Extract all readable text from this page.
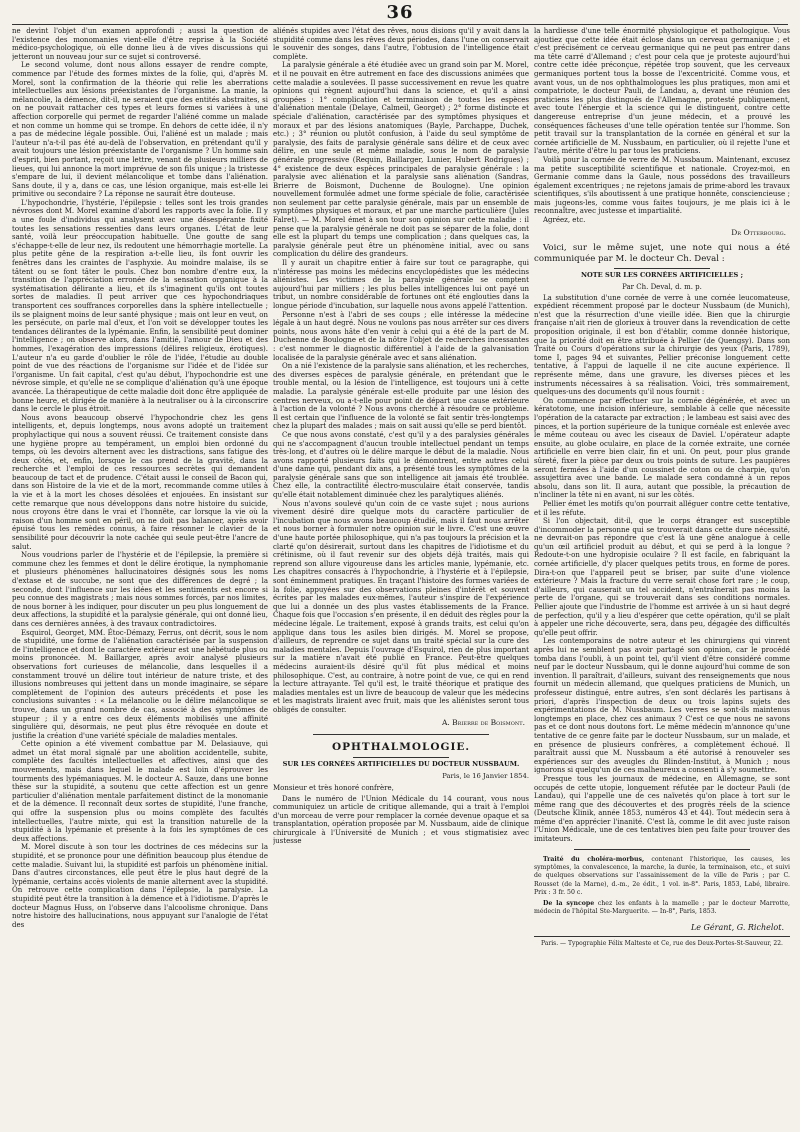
36

ne devint l'objet d'un examen approfondi ; aussi la question de l'existence des monomanies vient-elle d'être reprise à la Société médico-psychologique, où elle donne lieu à de vives discussions qui jetteront un nouveau jour sur ce sujet si controversé.

Le second volume, dont nous allons essayer de rendre compte, commence par l'étude des formes mixtes de la folie, qui, d'après M. Morel, sont la confirmation de la théorie qui relie les aberrations intellectuelles aux lésions préexistantes de l'organisme. La manie, la mélancolie, la démence, dit-il, ne seraient que des entités abstraites, si on ne pouvait rattacher ces types et leurs formes si variées à une affection corporelle qui permet de regarder l'aliéné comme un malade et non comme un homme qui se trompe. En dehors de cette idée, il n'y a pas de médecine légale possible. Oui, l'aliéné est un malade ; mais l'auteur n'a-t-il pas été au-delà de l'observation, en prétendant qu'il y avait toujours une lésion préexistante de l'organisme ? Un homme sain d'esprit, bien portant, reçoit une lettre, venant de plusieurs milliers de lieues, qui lui annonce la mort imprévue de son fils unique ; la tristesse s'empare de lui, il devient mélancolique et tombe dans l'aliénation. Sans doute, il y a, dans ce cas, une lésion organique, mais est-elle lei primitive ou secondaire ? La réponse ne saurait être douteuse.

L'hypochondrie, l'hystérie, l'épilepsie : telles sont les trois grandes névroses dont M. Morel examine d'abord les rapports avec la folie. Il y a une foule d'individus qui analysent avec une désespérante fixité toutes les sensations ressenties dans leurs organes. L'état de leur santé, voilà leur préoccupation habituelle. Une goutte de sang s'échappe-t-elle de leur nez, ils redoutent une hémorrhagie mortelle. La plus petite gêne de la respiration a-t-elle lieu, ils font ouvrir les fenêtres dans les craintes de l'asphyxie. Au moindre malaise, ils se tâtent ou se font tâter le pouls. Chez bon nombre d'entre eux, la transition de l'appréciation erronée de la sensation organique à la systématisation délirante a lieu, et ils s'imaginent qu'ils ont toutes sortes de maladies. Il peut arriver que ces hypochondriaques transportent ces souffrances corporelles dans la sphère intellectuelle ; ils se plaignent moins de leur santé physique ; mais ont leur en veut, on les persécute, on parle mal d'eux, et l'on voit se développer toutes les tendances délirantes de la lypémanie. Enfin, la sensibilité peut dominer l'intelligence ; on observe alors, dans l'amitié, l'amour de Dieu et des hommes, l'exagération des impressions (délires religieux, érotiques). L'auteur n'a eu garde d'oublier le rôle de l'idée, l'étudie au double point de vue des réactions de l'organisme sur l'idée et de l'idée sur l'organisme. Un fait capital, c'est qu'au début, l'hypochondrie est une névrose simple, et qu'elle ne se complique d'aliénation qu'à une époque avancée. La thérapeutique de cette maladie doit donc être appliquée de bonne heure, et dirigée de manière à la neutraliser ou à la circonscrire dans le cercle le plus étroit.

Nous avons beaucoup observé l'hypochondrie chez les gens intelligents, et, depuis longtemps, nous avons adopté un traitement prophylactique qui nous a souvent réussi. Ce traitement consiste dans une hygiène propre au tempérament, un emploi bien ordonné du temps, où les devoirs alternent avec les distractions, sans fatigue des deux côtés, et, enfin, lorsque le cas prend de la gravité, dans la recherche et l'emploi de ces ressources secrètes qui demandent beaucoup de tact et de prudence. C'était aussi le conseil de Bacon qui, dans son Histoire de la vie et de la mort, recommande comme utiles à la vie et à la mort les choses désolées et enjouées. En insistant sur cette remarque que nous développons dans notre histoire du suicide, nous croyons être dans le vrai et l'honnête, car lorsque la vie où la raison d'un homme sont en péril, on ne doit pas balancer, après avoir épuisé tous les remèdes connus, à faire résonner le clavier de la sensibilité pour découvrir la note cachée qui seule peut-être l'ancre de salut.

Nous voudrions parler de l'hystérie et de l'épilepsie, la première si commune chez les femmes et dont le délire érotique, la nymphomanie et plusieurs phénomènes hallucinatoires désignés sous les noms d'extase et de succube, ne sont que des différences de degré ; la seconde, dont l'influence sur les idées et les sentiments est encore si peu connue des magistrats ; mais nous sommes forcés, par nos limites, de nous borner à les indiquer, pour discuter un peu plus longuement de deux affections, la stupidité et la paralysie générale, qui ont donné lieu, dans ces dernières années, à des travaux contradictoires.

Esquirol, Georget, MM. Étoc-Démazy, Ferrus, ont décrit, sous le nom de stupidité, une forme de l'aliénation caractérisée par la suspension de l'intelligence et dont le caractère extérieur est une hébétude plus ou moins prononcée. M. Baillarger, après avoir analysé plusieurs observations fort curieuses de mélancolie, dans lesquelles il a constamment trouvé un délire tout intérieur de nature triste, et des illusions nombreuses qui jettent dans un monde imaginaire, se sépare complètement de l'opinion des auteurs précédents et pose les conclusions suivantes : « La mélancolie ou le délire mélancolique se trouve, dans un grand nombre de cas, associé à des symptômes de stupeur ; il y a entre ces deux éléments mobilisés une affinité singulière qui, désormais, ne peut plus être révoquée en doute et justifie la création d'une variété spéciale de maladies mentales.

Cette opinion a été vivement combattue par M. Delasiauve, qui admet un état moral signalé par une abolition accidentelle, subite, complète des facultés intellectuelles et affectives, ainsi que des mouvements, mais dans lequel le malade est loin d'éprouver les tourments des lypémaniaques. M. le docteur A. Sauze, dans une bonne thèse sur la stupidité, a soutenu que cette affection est un genre particulier d'aliénation mentale parfaitement distinct de la monomanie et de la démence. Il reconnaît deux sortes de stupidité, l'une franche, qui offre la suspension plus ou moins complète des facultés intellectuelles, l'autre mixte, qui est la transition naturelle de la stupidité à la lypémanie et présente à la fois les symptômes de ces deux affections.

M. Morel discute à son tour les doctrines de ces médecins sur la stupidité, et se prononce pour une définition beaucoup plus étendue de cette maladie. Suivant lui, la stupidité est parfois un phénomène initial. Dans d'autres circonstances, elle peut être le plus haut degré de la lypémanie, certains accès violents de manie alternent avec la stupidité. On retrouve cette complication dans l'épilepsie, la paralysie. La stupidité peut être la transition à la démence et à l'idiotisme. D'après le docteur Magnus Huss, on l'observe dans l'alcoolisme chronique. Dans notre histoire des hallucinations, nous appuyant sur l'analogie de l'état des

aliénés stupides avec l'état des rêves, nous disions qu'il y avait dans la stupidité comme dans les rêves deux périodes, dans l'une on conservait le souvenir des songes, dans l'autre, l'obtusion de l'intelligence était complète.

La paralysie générale a été étudiée avec un grand soin par M. Morel, et il ne pouvait en être autrement en face des discussions animées que cette maladie a soulevées. Il passe successivement en revue les quatre opinions qui règnent aujourd'hui dans la science, et qu'il a ainsi groupées : 1° complication et terminaison de toutes les espèces d'aliénation mentale (Delaye, Calmeil, Georget) ; 2° forme distincte et spéciale d'aliénation, caractérisée par des symptômes physiques et moraux et par des lésions anatomiques (Bayle, Parchappe, Duchek, etc.) ; 3° réunion ou plutôt confusion, à l'aide du seul symptôme de paralysie, des faits de paralysie générale sans délire et de ceux avec délire, en une seule et même maladie, sous le nom de paralysie générale progressive (Requin, Baillarger, Lunier, Hubert Rodrigues) ; 4° existence de deux espèces principales de paralysie générale : la paralysie avec aliénation et la paralysie sans aliénation (Sandras, Brierre de Boismont, Duchenne de Boulogne). Une opinion nouvellement formulée admet une forme spéciale de folie, caractérisée non seulement par cette paralysie générale, mais par un ensemble de symptômes physiques et moraux, et par une marche particulière (Jules Falret). — M. Morel émet à son tour son opinion sur cette maladie : il pense que la paralysie générale ne doit pas se séparer de la folie, dont elle est la plupart du temps une complication ; dans quelques cas, la paralysie générale peut être un phénomène initial, avec ou sans complication du délire des grandeurs.

Il y aurait un chapitre entier à faire sur tout ce paragraphe, qui n'intéresse pas moins les médecins encyclopédistes que les médecins aliénistes. Les victimes de la paralysie générale se comptent aujourd'hui par milliers ; les plus belles intelligences lui ont payé un tribut, un nombre considérable de fortunes ont été englouties dans la longue période d'incubation, sur laquelle nous avons appelé l'attention.

Personne n'est à l'abri de ses coups ; elle intéresse la médecine légale à un haut degré. Nous ne voulons pas nous arrêter sur ces divers points, nous avons hâte d'en venir à celui qui a été de la part de M. Duchenne de Boulogne et de la nôtre l'objet de recherches incessantes : c'est nommer le diagnostic différentiel à l'aide de la galvanisation localisée de la paralysie générale avec et sans aliénation.

On a nié l'existence de la paralysie sans aliénation, et les recherches, des diverses espèces de paralysie générale, en prétendant que le trouble mental, ou la lésion de l'intelligence, est toujours uni à cette maladie. La paralysie générale est-elle produite par une lésion des centres nerveux, ou a-t-elle pour point de départ une cause extérieure à l'action de la volonté ? Nous avons cherché à résoudre ce problème. Il est certain que l'influence de la volonté se fait sentir très-longtemps chez la plupart des malades ; mais on sait aussi qu'elle se perd bientôt.

Ce que nous avons constaté, c'est qu'il y a des paralysies générales qui ne s'accompagnent d'aucun trouble intellectuel pendant un temps très-long, et d'autres où le délire marque le début de la maladie. Nous avons rapporté plusieurs faits qui le démontrent, entre autres celui d'une dame qui, pendant dix ans, a présenté tous les symptômes de la paralysie générale sans que son intelligence ait jamais été troublée. Chez elle, la contractilité électro-musculaire était conservée, tandis qu'elle était notablement diminuée chez les paralytiques aliénés.

Nous n'avons soulevé qu'un coin de ce vaste sujet ; nous aurions vivement désiré dire quelque mots du caractère particulier de l'incubation que nous avons beaucoup étudié, mais il faut nous arrêter et nous borner à formuler notre opinion sur le livre. C'est une œuvre d'une haute portée philosophique, qui n'a pas toujours la précision et la clarté qu'on désirerait, surtout dans les chapitres de l'idiotisme et du crétinisme, où il faut revenir sur des objets déjà traités, mais qui reprend son allure vigoureuse dans les articles manie, lypémanie, etc. Les chapitres consacrés à l'hypochondrie, à l'hystérie et à l'épilepsie, sont éminemment pratiques. En traçant l'histoire des formes variées de la folie, appuyées sur des observations pleines d'intérêt et souvent écrites par les malades eux-mêmes, l'auteur s'inspire de l'expérience que lui a donnée un des plus vastes établissements de la France. Chaque fois que l'occasion s'en présente, il en déduit des règles pour la médecine légale. Le traitement, exposé à grands traits, est celui qu'on applique dans tous les asiles bien dirigés. M. Morel se propose, d'ailleurs, de reprendre ce sujet dans un traité spécial sur la cure des maladies mentales. Depuis l'ouvrage d'Esquirol, rien de plus important sur la matière n'avait été publié en France. Peut-être quelques médecins auraient-ils désiré qu'il fût plus médical et moins philosophique. C'est, au contraire, à notre point de vue, ce qui en rend la lecture attrayante. Tel qu'il est, le traité théorique et pratique des maladies mentales est un livre de beaucoup de valeur que les médecins et les magistrats liraient avec fruit, mais que les aliénistes seront tous obligés de consulter.

A. Brierre de Boismont.
OPHTHALMOLOGIE.
SUR LES CORNÉES ARTIFICIELLES DU DOCTEUR NUSSBAUM.
Paris, le 16 Janvier 1854.
Monsieur et très honoré confrère,

Dans le numéro de l'Union Médicale du 14 courant, vous nous communiquiez un article de critique allemande, qui a trait à l'emploi d'un morceau de verre pour remplacer la cornée devenue opaque et sa transplantation, opération proposée par M. Nussbaum, aide de clinique chirurgicale à l'Université de Munich ; et vous stigmatisiez avec justesse

la hardiesse d'une telle énormité physiologique et pathologique. Vous ajoutiez que cette idée était éclose dans un cerveau germanique ; et c'est précisément ce cerveau germanique qui ne peut pas entrer dans ma tête carré d'Allemand ; c'est pour cela que je proteste aujourd'hui contre cette idée préconçue, répétée trop souvent, que les cerveaux germaniques portent tous la bosse de l'excentricité. Comme vous, et avant vous, un de nos ophthalmologues les plus pratiques, mon ami et compatriote, le docteur Pauli, de Landau, a, devant une réunion des praticiens les plus distingués de l'Allemagne, protesté publiquement, avec toute l'énergie et la science qui le distinguent, contre cette dangereuse entreprise d'un jeune médecin, et a prouvé les conséquences fâcheuses d'une telle opération tentée sur l'homme. Son petit travail sur la transplantation de la cornée en général et sur la cornée artificielle de M. Nussbaum, en particulier, où il rejette l'une et l'autre, mérite d'être lu par tous les praticiens.

Voilà pour la cornée de verre de M. Nussbaum. Maintenant, excusez ma petite susceptibilité scientifique et nationale. Croyez-moi, en Germanie comme dans la Gaule, nous possédons des travailleurs également excentriques ; ne rejetons jamais de prime-abord les travaux scientifiques, s'ils aboutissent à une pratique honnête, consciencieuse ; mais jugeons-les, comme vous faites toujours, je me plais ici à le reconnaître, avec justesse et impartialité.

Agréez, etc.

Dr Otterbourg.

Voici, sur le même sujet, une note qui nous a été communiquée par M. le docteur Ch. Deval :

NOTE SUR LES CORNÉES ARTIFICIELLES ;
Par Ch. Deval, d. m. p.

La substitution d'une cornée de verre à une cornée leucomateuse, expédient récemment proposé par le docteur Nussbaum (de Munich), n'est que la résurrection d'une vieille idée. Bien que la chirurgie française n'ait rien de glorieux à trouver dans la revendication de cette proposition originale, il est bon d'établir, comme donnée historique, que la priorité doit en être attribuée à Pellier (de Quengsy). Dans son Traité ou Cours d'opérations sur la chirurgie des yeux (Paris, 1789), tome I, pages 94 et suivantes, Pellier préconise longuement cette tentative, à l'appui de laquelle il ne cite aucune expérience. Il représente même, dans une gravure, les diverses pièces et les instruments nécessaires à sa réalisation. Voici, très sommairement, quelques-uns des documents qu'il nous fournit :

On commence par effectuer sur la cornée dégénérée, et avec un kératotome, une incision inférieure, semblable à celle que nécessite l'opération de la cataracte par extraction ; le lambeau est saisi avec des pinces, et la portion supérieure de la tunique cornéale est enlevée avec le même couteau ou avec les ciseaux de Daviel. L'opérateur adapte ensuite, au globe oculaire, en place de la cornée extraite, une cornée artificielle en verre bien clair, fin et uni. On peut, pour plus grande sûreté, fixer la pièce par deux ou trois points de suture. Les paupières seront fermées à l'aide d'un coussinet de coton ou de charpie, qu'on assujettira avec une bande. Le malade sera condamné à un repos absolu, dans son lit. Il aura, autant que possible, la précaution de n'incliner la tête ni en avant, ni sur les côtés.

Pellier émet les motifs qu'on pourrait alléguer contre cette tentative, et il les réfute.

Si l'on objectait, dit-il, que le corps étranger est susceptible d'incommoder la personne qui se trouverait dans cette dure nécessité, ne devrait-on pas répondre que c'est là une gêne analogue à celle qu'un œil artificiel produit au début, et qui se perd à la longue ? Redoute-t-on une hydropisie oculaire ? Il est facile, en fabriquant la cornée artificielle, d'y placer quelques petits trous, en forme de pores. Dira-t-on que l'appareil peut se briser, par suite d'une violence extérieure ? Mais la fracture du verre serait chose fort rare ; le coup, d'ailleurs, qui causerait un tel accident, n'entraînerait pas moins la perte de l'organe, qui se trouverait dans ses conditions normales. Pellier ajoute que l'industrie de l'homme est arrivée à un si haut degré de perfection, qu'il y a lieu d'espérer que cette opération, qu'il se plaît à appeler une riche découverte, sera, dans peu, dégagée des difficultés qu'elle peut offrir.

Les contemporains de notre auteur et les chirurgiens qui vinrent après lui ne semblent pas avoir partagé son opinion, car le procédé tomba dans l'oubli, à un point tel, qu'il vient d'être considéré comme neuf par le docteur Nussbaum, qui le donne aujourd'hui comme de son invention. Il paraîtrait, d'ailleurs, suivant des renseignements que nous fournit un médecin allemand, que quelques praticiens de Munich, un professeur distingué, entre autres, s'en sont déclarés les partisans à priori, d'après l'inspection de deux ou trois lapins sujets des expérimentations de M. Nussbaum. Les verres se sont-ils maintenus longtemps en place, chez ces animaux ? C'est ce que nous ne savons pas et ce dont nous doutons fort. Le même médecin m'annonce qu'une tentative de ce genre faite par le docteur Nussbaum, sur un malade, et en présence de plusieurs confrères, a complètement échoué. Il paraîtrait aussi que M. Nussbaum a été autorisé à renouveler ses expériences sur des aveugles du Blinden-Institut, à Munich ; nous ignorons si quelqu'un de ces malheureux a consenti à s'y soumettre.

Presque tous les journaux de médecine, en Allemagne, se sont occupés de cette utopie, longuement réfutée par le docteur Pauli (de Landau), qui l'appelle une de ces naïvetés qu'on place à tort sur le même rang que des découvertes et des progrès réels de la science (Deutsche Klinik, année 1853, numéros 43 et 44). Tout médecin sera à même d'en apprécier l'inanité. C'est là, comme le dit avec juste raison l'Union Médicale, une de ces tentatives bien peu faite pour trouver des imitateurs.

Traité du choléra-morbus, contenant l'historique, les causes, les symptômes, la convalescence, la marche, la durée, la terminaison, etc., et suivi de quelques observations sur l'assainissement de la ville de Paris ; par C. Rousset (de la Marne), d.-m., 2e édit., 1 vol. in-8°. Paris, 1853, Labé, libraire. Prix : 3 fr. 50 c.
De la syncope chez les enfants à la mamelle ; par le docteur Marrotte, médecin de l'hôpital Ste-Marguerite. — In-8°, Paris, 1853.
Le Gérant, G. Richelot.
Paris. — Typographie Félix Malteste et Ce, rue des Deux-Portes-St-Sauveur, 22.
